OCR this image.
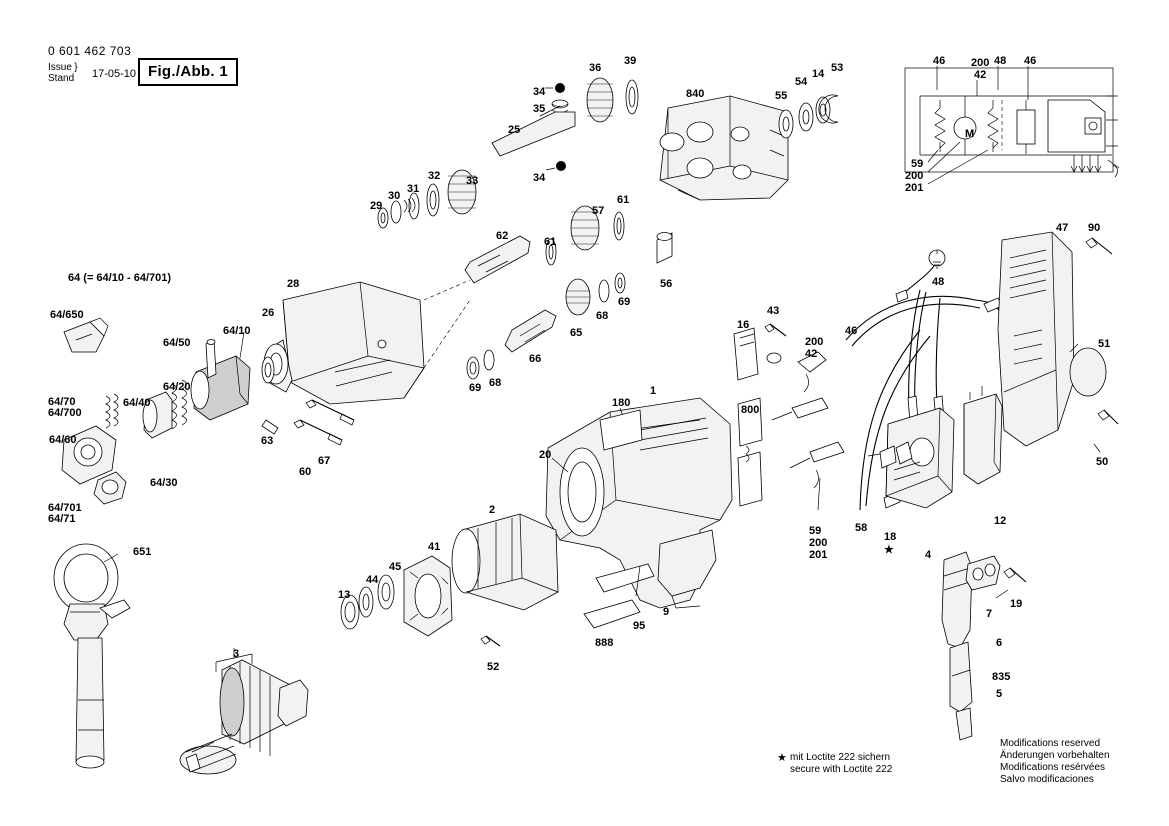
0 601 462 703
Issue }
Stand	17-05-10 Fig./Abb. 1
64 (= 64/10 - 64/701)
★ mit Loctite 222 sichern
secure with Loctite 222
Modifications reserved
Änderungen vorbehalten
Modifications resérvées
Salvo modificaciones
34
35
36
39
840	55
54
14 53
25
33
32
31
30
29
34
57
61
61
62
56
69
68
65
66
69 68
28
26
64/10
64/650
64/50
64/20
64/70
64/700
64/40
64/60
64/30
64/701
64/71
63
60
67
651
1
180
20
9
95
888
2
41
45
44
13
52
3
800
16
43
200
42
46
59
200
201
58
18
★	4
12
48
47 90
51
50
7
19
6
835
5
46 200
42
48 46
59
200
201
M
